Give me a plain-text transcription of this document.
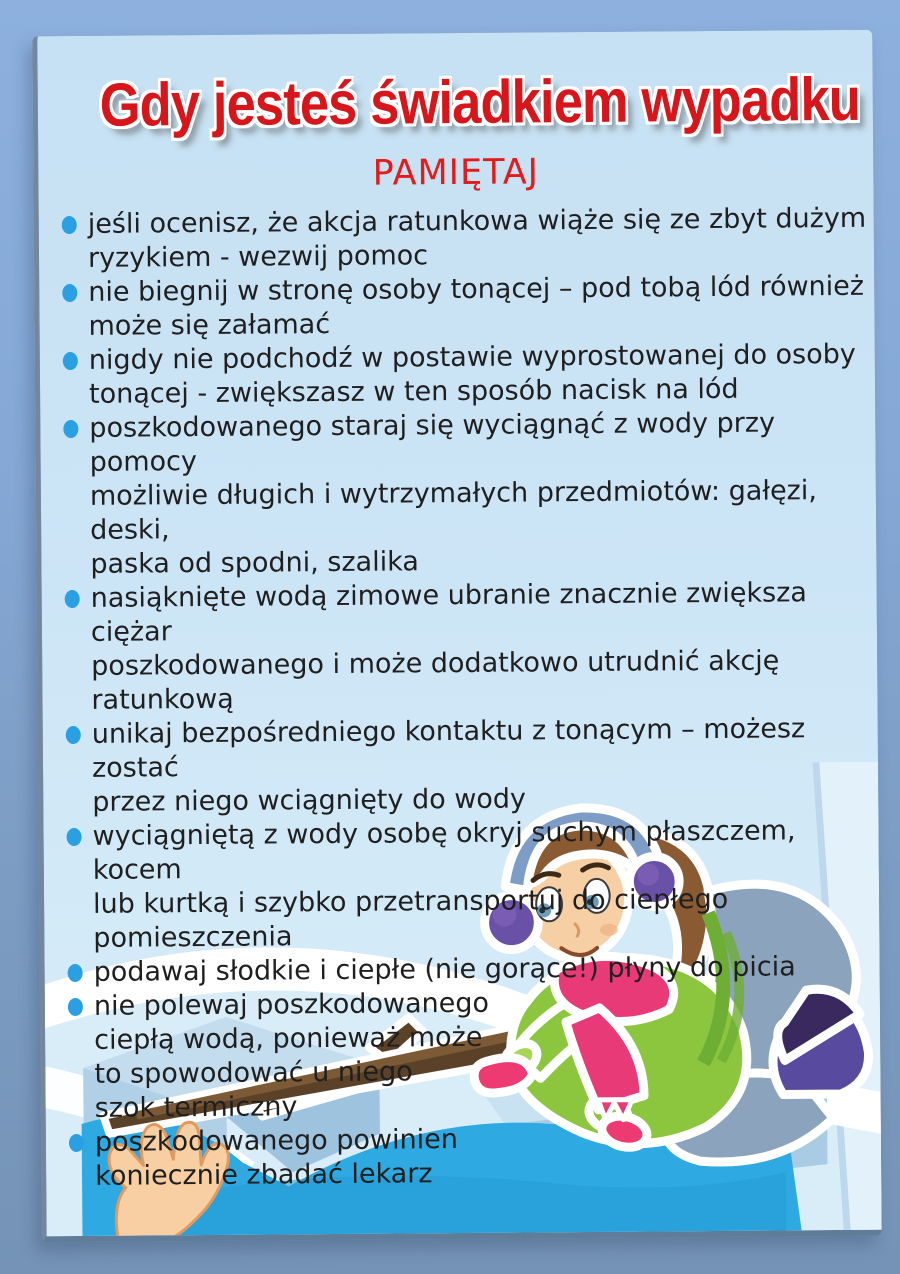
Gdy jesteś świadkiem wypadku
PAMIĘTAJ
jeśli ocenisz, że akcja ratunkowa wiąże się ze zbyt dużym
ryzykiem - wezwij pomoc
nie biegnij w stronę osoby tonącej – pod tobą lód również
może się załamać
nigdy nie podchodź w postawie wyprostowanej do osoby
tonącej - zwiększasz w ten sposób nacisk na lód
poszkodowanego staraj się wyciągnąć z wody przy pomocy
możliwie długich i wytrzymałych przedmiotów: gałęzi, deski,
paska od spodni, szalika
nasiąknięte wodą zimowe ubranie znacznie zwiększa ciężar
poszkodowanego i może dodatkowo utrudnić akcję
ratunkową
unikaj bezpośredniego kontaktu z tonącym – możesz zostać
przez niego wciągnięty do wody
wyciągniętą z wody osobę okryj suchym płaszczem, kocem
lub kurtką i szybko przetransportuj do ciepłego
pomieszczenia
podawaj słodkie i ciepłe (nie gorące!) płyny do picia
nie polewaj poszkodowanego
ciepłą wodą, ponieważ może
to spowodować u niego
szok termiczny
poszkodowanego powinien
koniecznie zbadać lekarz
